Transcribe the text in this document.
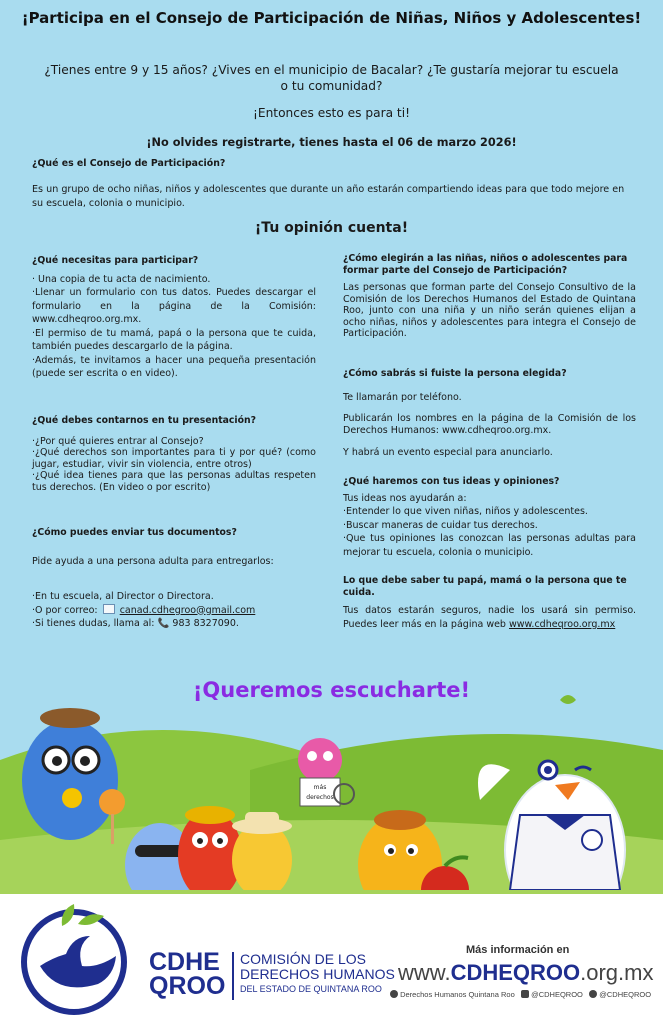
¡Participa en el Consejo de Participación de Niñas, Niños y Adolescentes!
¿Tienes entre 9 y 15 años? ¿Vives en el municipio de Bacalar? ¿Te gustaría mejorar tu escuela o tu comunidad?
¡Entonces esto es para ti!
¡No olvides registrarte, tienes hasta el 06 de marzo 2026!
¿Qué es el Consejo de Participación?
Es un grupo de ocho niñas, niños y adolescentes que durante un año estarán compartiendo ideas para que todo mejore en su escuela, colonia o municipio.
¡Tu opinión cuenta!
¿Qué necesitas para participar?
· Una copia de tu acta de nacimiento.
·Llenar un formulario con tus datos. Puedes descargar el formulario en la página de la Comisión: www.cdheqroo.org.mx.
·El permiso de tu mamá, papá o la persona que te cuida, también puedes descargarlo de la página.
·Además, te invitamos a hacer una pequeña presentación (puede ser escrita o en video).
¿Qué debes contarnos en tu presentación?
·¿Por qué quieres entrar al Consejo?
·¿Qué derechos son importantes para ti y por qué? (como jugar, estudiar, vivir sin violencia, entre otros)
·¿Qué idea tienes para que las personas adultas respeten tus derechos. (En video o por escrito)
¿Cómo puedes enviar tus documentos?
Pide ayuda a una persona adulta para entregarlos:
·En tu escuela, al Director o Directora.
·O por correo: canad.cdhegroo@gmail.com
·Si tienes dudas, llama al: 📞 983 8327090.
¿Cómo elegirán a las niñas, niños o adolescentes para formar parte del Consejo de Participación?
Las personas que forman parte del Consejo Consultivo de la Comisión de los Derechos Humanos del Estado de Quintana Roo, junto con una niña y un niño serán quienes elijan a ocho niñas, niños y adolescentes para integra el Consejo de Participación.
¿Cómo sabrás si fuiste la persona elegida?
Te llamarán por teléfono.
Publicarán los nombres en la página de la Comisión de los Derechos Humanos: www.cdheqroo.org.mx.
Y habrá un evento especial para anunciarlo.
¿Qué haremos con tus ideas y opiniones?
Tus ideas nos ayudarán a:
·Entender lo que viven niñas, niños y adolescentes.
·Buscar maneras de cuidar tus derechos.
·Que tus opiniones las conozcan las personas adultas para mejorar tu escuela, colonia o municipio.
Lo que debe saber tu papá, mamá o la persona que te cuida.
Tus datos estarán seguros, nadie los usará sin permiso. Puedes leer más en la página web www.cdheqroo.org.mx
¡Queremos escucharte!
más
derechos
CDHE
QROO
COMISIÓN DE LOS
DERECHOS HUMANOS
DEL ESTADO DE QUINTANA ROO
Más información en
www.CDHEQROO.org.mx
Derechos Humanos Quintana Roo @CDHEQROO @CDHEQROO
